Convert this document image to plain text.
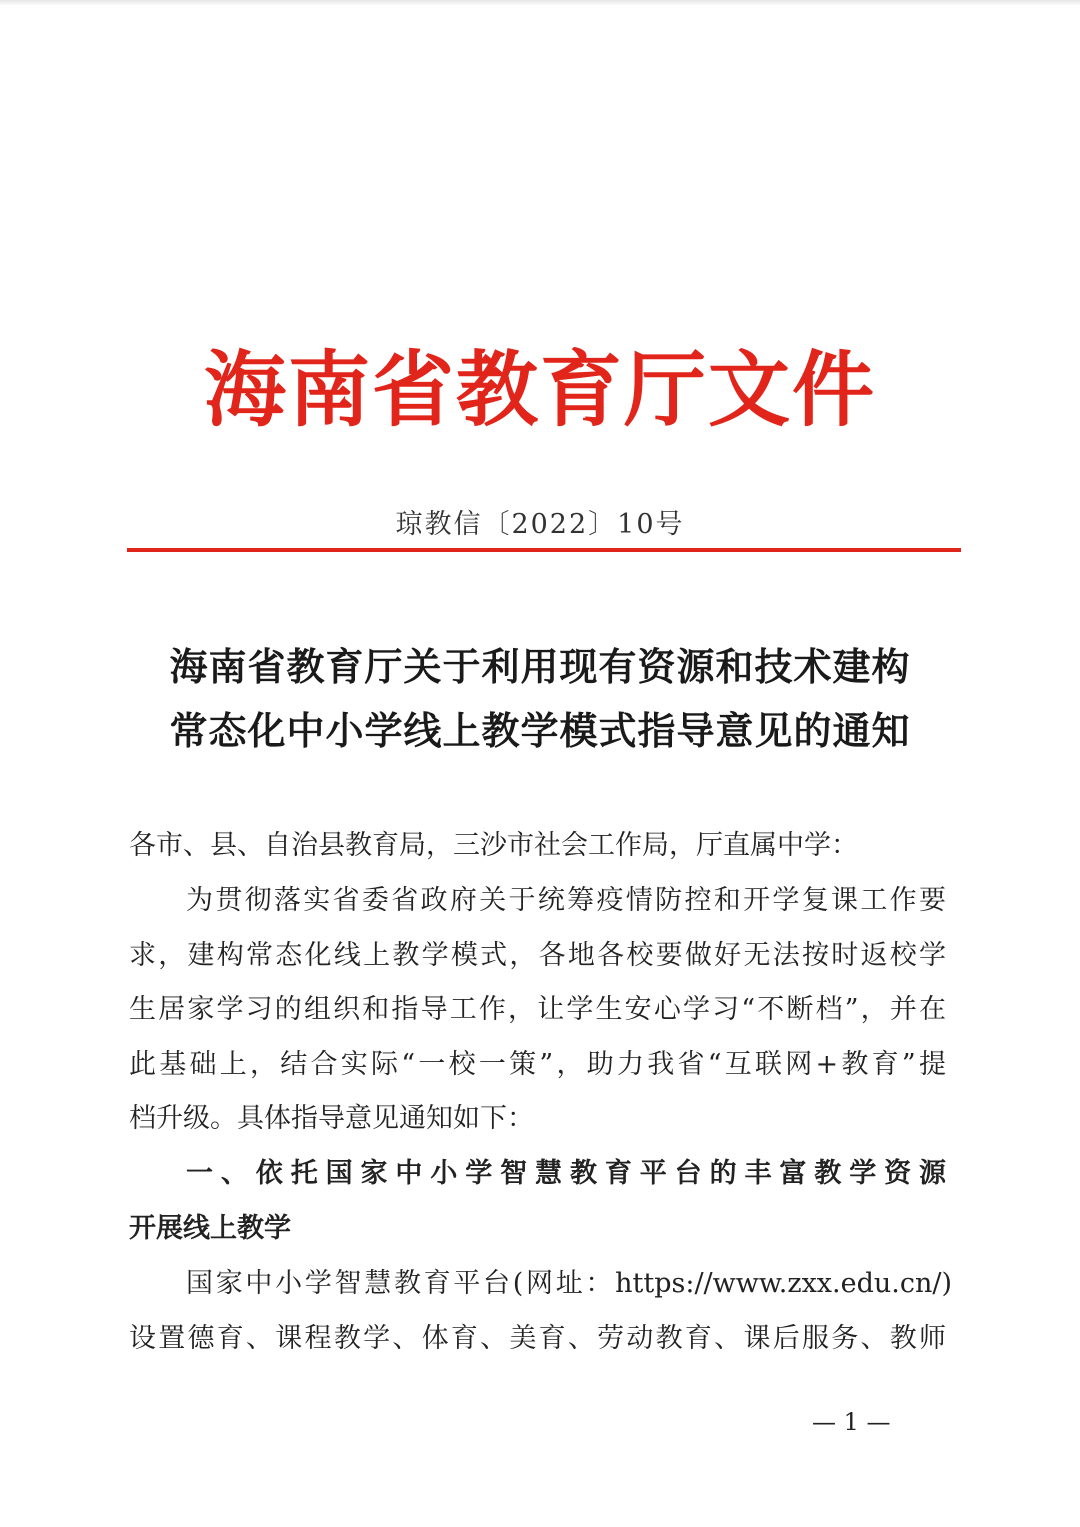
海南省教育厅文件
琼教信〔2022〕10号
海南省教育厅关于利用现有资源和技术建构
常态化中小学线上教学模式指导意见的通知
各市、县、自治县教育局，三沙市社会工作局，厅直属中学：
为贯彻落实省委省政府关于统筹疫情防控和开学复课工作要
求，建构常态化线上教学模式，各地各校要做好无法按时返校学
生居家学习的组织和指导工作，让学生安心学习“不断档”，并在
此基础上，结合实际“一校一策”，助力我省“互联网+教育”提
档升级。具体指导意见通知如下：
一、依托国家中小学智慧教育平台的丰富教学资源
开展线上教学
国家中小学智慧教育平台(网址：https://www.zxx.edu.cn/)
设置德育、课程教学、体育、美育、劳动教育、课后服务、教师
— 1 —
